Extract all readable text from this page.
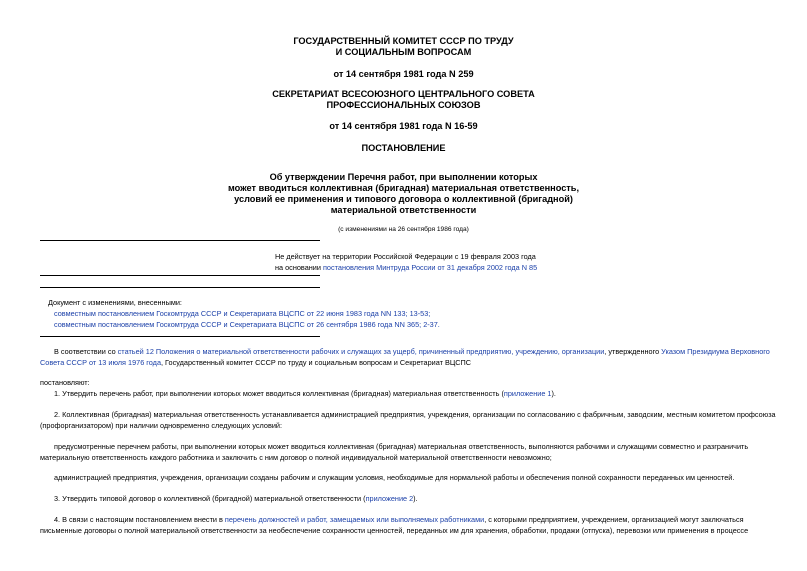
ГОСУДАРСТВЕННЫЙ КОМИТЕТ СССР ПО ТРУДУ
И СОЦИАЛЬНЫМ ВОПРОСАМ
от 14 сентября 1981 года N 259
СЕКРЕТАРИАТ ВСЕСОЮЗНОГО ЦЕНТРАЛЬНОГО СОВЕТА
ПРОФЕССИОНАЛЬНЫХ СОЮЗОВ
от 14 сентября 1981 года N 16-59
ПОСТАНОВЛЕНИЕ
Об утверждении Перечня работ, при выполнении которых
может вводиться коллективная (бригадная) материальная ответственность,
условий ее применения и типового договора о коллективной (бригадной)
материальной ответственности
(с изменениями на 26 сентября 1986 года)
Не действует на территории Российской Федерации с 19 февраля 2003 года
на основании постановления Минтруда России от 31 декабря 2002 года N 85
Документ с изменениями, внесенными:
совместным постановлением Госкомтруда СССР и Секретариата ВЦСПС от 22 июня 1983 года NN 133; 13-53;
совместным постановлением Госкомтруда СССР и Секретариата ВЦСПС от 26 сентября 1986 года NN 365; 2-37.
В соответствии со статьей 12 Положения о материальной ответственности рабочих и служащих за ущерб, причиненный предприятию, учреждению, организации, утвержденного Указом Президиума Верховного
Совета СССР от 13 июля 1976 года, Государственный комитет СССР по труду и социальным вопросам и Секретариат ВЦСПС
постановляют:
1. Утвердить перечень работ, при выполнении которых может вводиться коллективная (бригадная) материальная ответственность (приложение 1).
2. Коллективная (бригадная) материальная ответственность устанавливается администрацией предприятия, учреждения, организации по согласованию с фабричным, заводским, местным комитетом профсоюза
(профорганизатором) при наличии одновременно следующих условий:
предусмотренные перечнем работы, при выполнении которых может вводиться коллективная (бригадная) материальная ответственность, выполняются рабочими и служащими совместно и разграничить
материальную ответственность каждого работника и заключить с ним договор о полной индивидуальной материальной ответственности невозможно;
администрацией предприятия, учреждения, организации созданы рабочим и служащим условия, необходимые для нормальной работы и обеспечения полной сохранности переданных им ценностей.
3. Утвердить типовой договор о коллективной (бригадной) материальной ответственности (приложение 2).
4. В связи с настоящим постановлением внести в перечень должностей и работ, замещаемых или выполняемых работниками, с которыми предприятием, учреждением, организацией могут заключаться
письменные договоры о полной материальной ответственности за необеспечение сохранности ценностей, переданных им для хранения, обработки, продажи (отпуска), перевозки или применения в процессе
